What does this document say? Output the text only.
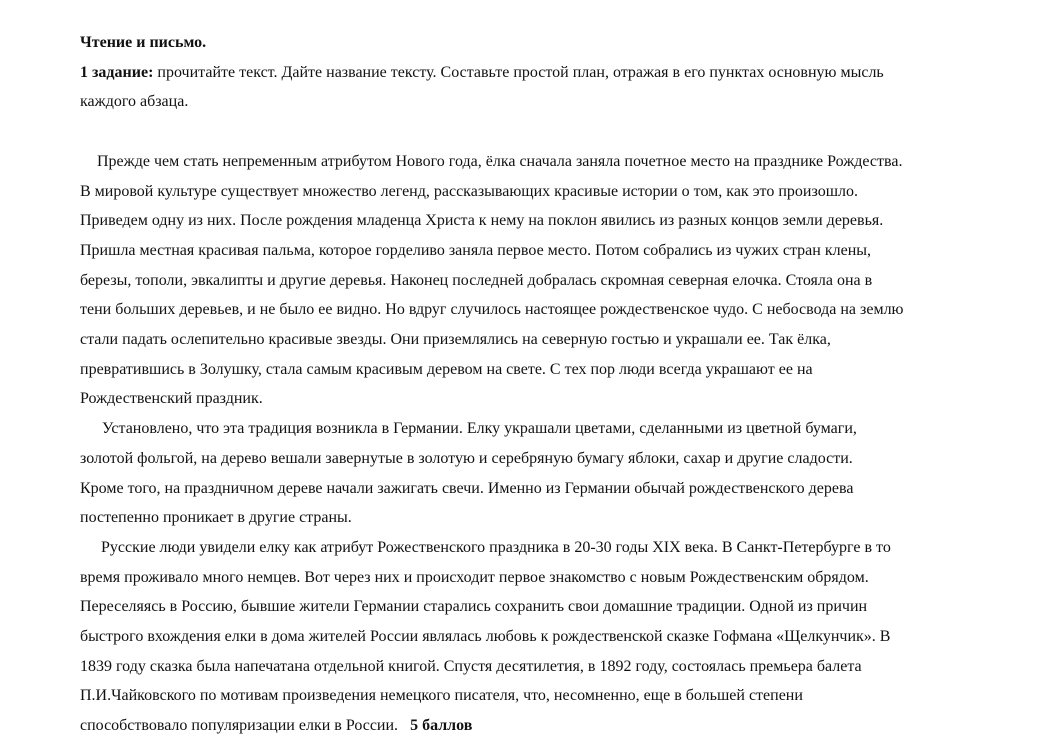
Чтение и письмо.
1 задание: прочитайте текст. Дайте название тексту. Составьте простой план, отражая в его пунктах основную мысль
каждого абзаца.
Прежде чем стать непременным атрибутом Нового года, ёлка сначала заняла почетное место на празднике Рождества.
В мировой культуре существует множество легенд, рассказывающих красивые истории о том, как это произошло.
Приведем одну из них. После рождения младенца Христа к нему на поклон явились из разных концов земли деревья.
Пришла местная красивая пальма, которое горделиво заняла первое место. Потом собрались из чужих стран клены,
березы, тополи, эвкалипты и другие деревья. Наконец последней добралась скромная северная елочка. Стояла она в
тени больших деревьев, и не было ее видно. Но вдруг случилось настоящее рождественское чудо. С небосвода на землю
стали падать ослепительно красивые звезды. Они приземлялись на северную гостью и украшали ее. Так ёлка,
превратившись в Золушку, стала самым красивым деревом на свете. С тех пор люди всегда украшают ее на
Рождественский праздник.
Установлено, что эта традиция возникла в Германии. Елку украшали цветами, сделанными из цветной бумаги,
золотой фольгой, на дерево вешали завернутые в золотую и серебряную бумагу яблоки, сахар и другие сладости.
Кроме того, на праздничном дереве начали зажигать свечи. Именно из Германии обычай рождественского дерева
постепенно проникает в другие страны.
Русские люди увидели елку как атрибут Рожественского праздника в 20-30 годы XIX века. В Санкт-Петербурге в то
время проживало много немцев. Вот через них и происходит первое знакомство с новым Рождественским обрядом.
Переселяясь в Россию, бывшие жители Германии старались сохранить свои домашние традиции. Одной из причин
быстрого вхождения елки в дома жителей России являлась любовь к рождественской сказке Гофмана «Щелкунчик». В
1839 году сказка была напечатана отдельной книгой. Спустя десятилетия, в 1892 году, состоялась премьера балета
П.И.Чайковского по мотивам произведения немецкого писателя, что, несомненно, еще в большей степени
способствовало популяризации елки в России. 5 баллов
